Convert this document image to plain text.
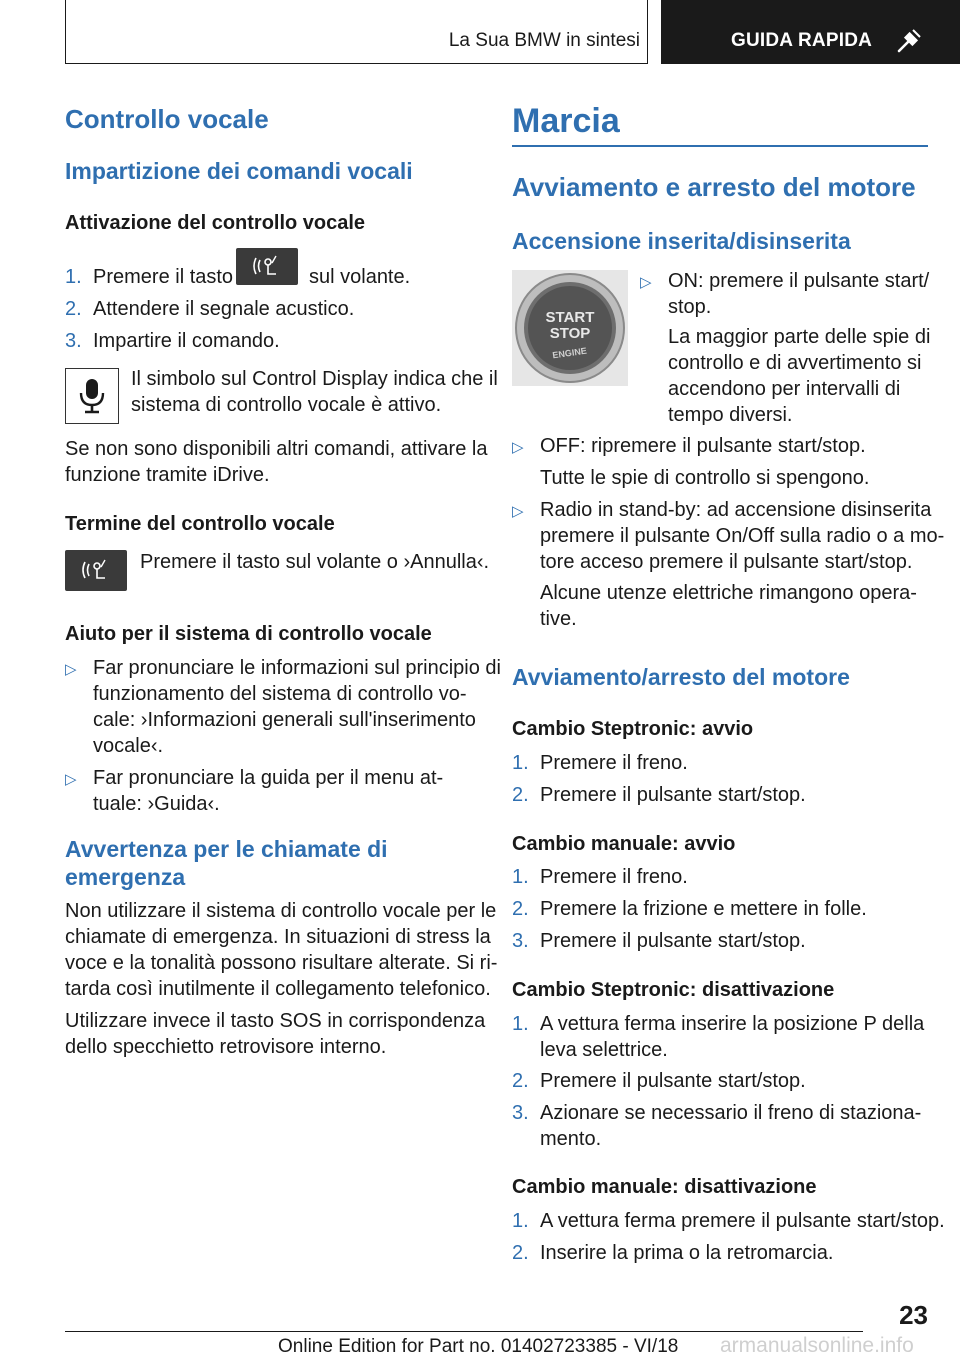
La Sua BMW in sintesi	GUIDA RAPIDA
Controllo vocale
Impartizione dei comandi vocali
Attivazione del controllo vocale
1. Premere il tasto	sul volante.
2. Attendere il segnale acustico.
3. Impartire il comando.
Il simbolo sul Control Display indica che il
sistema di controllo vocale è attivo.
Se non sono disponibili altri comandi, attivare la
funzione tramite iDrive.
Termine del controllo vocale
Premere il tasto sul volante o ›Annulla‹.
Aiuto per il sistema di controllo vocale
▷ Far pronunciare le informazioni sul principio di
funzionamento del sistema di controllo vo‐
cale: ›Informazioni generali sull'inserimento
vocale‹.
▷ Far pronunciare la guida per il menu at‐
tuale: ›Guida‹.
Avvertenza per le chiamate di
emergenza
Non utilizzare il sistema di controllo vocale per le
chiamate di emergenza. In situazioni di stress la
voce e la tonalità possono risultare alterate. Si ri‐
tarda così inutilmente il collegamento telefonico.
Utilizzare invece il tasto SOS in corrispondenza
dello specchietto retrovisore interno.
Marcia
Avviamento e arresto del motore
Accensione inserita/disinserita
START
STOP
ENGINE
▷ ON: premere il pulsante start/
stop.
La maggior parte delle spie di
controllo e di avvertimento si
accendono per intervalli di
tempo diversi.
▷ OFF: ripremere il pulsante start/stop.
Tutte le spie di controllo si spengono.
▷ Radio in stand-by: ad accensione disinserita
premere il pulsante On/Off sulla radio o a mo‐
tore acceso premere il pulsante start/stop.
Alcune utenze elettriche rimangono opera‐
tive.
Avviamento/arresto del motore
Cambio Steptronic: avvio
1. Premere il freno.
2. Premere il pulsante start/stop.
Cambio manuale: avvio
1. Premere il freno.
2. Premere la frizione e mettere in folle.
3. Premere il pulsante start/stop.
Cambio Steptronic: disattivazione
1. A vettura ferma inserire la posizione P della
leva selettrice.
2. Premere il pulsante start/stop.
3. Azionare se necessario il freno di staziona‐
mento.
Cambio manuale: disattivazione
1. A vettura ferma premere il pulsante start/stop.
2. Inserire la prima o la retromarcia.
23
Online Edition for Part no. 01402723385 - VI/18 armanualsonline.info
